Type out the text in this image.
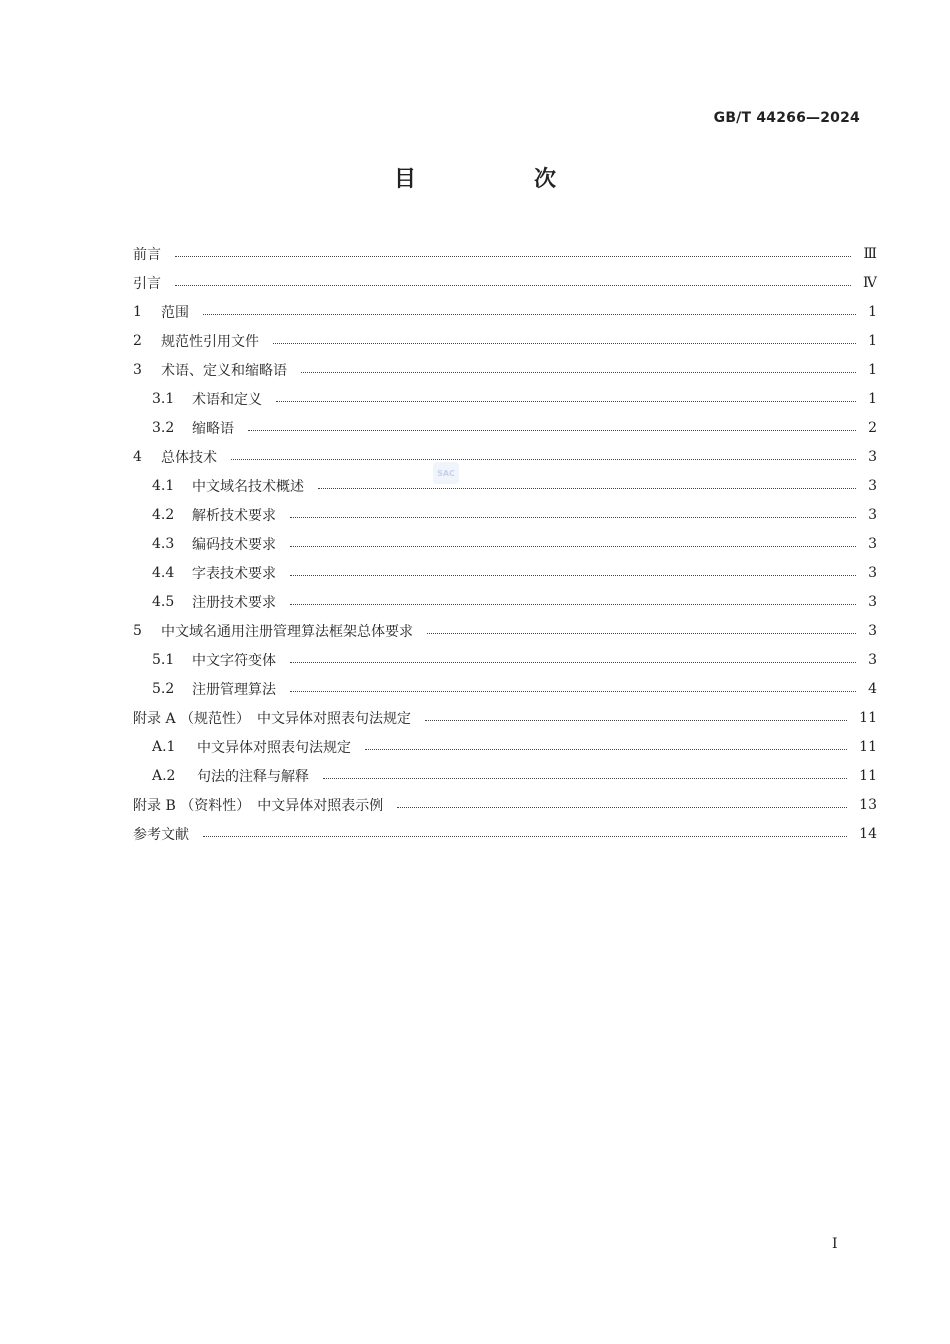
GB/T 44266—2024
目　次
SAC
前言	Ⅲ
引言	Ⅳ
1	范围	1
2	规范性引用文件	1
3	术语、定义和缩略语	1
3.1	术语和定义	1
3.2	缩略语	2
4	总体技术	3
4.1	中文域名技术概述	3
4.2	解析技术要求	3
4.3	编码技术要求	3
4.4	字表技术要求	3
4.5	注册技术要求	3
5	中文域名通用注册管理算法框架总体要求	3
5.1	中文字符变体	3
5.2	注册管理算法	4
附录 A （规范性）　中文异体对照表句法规定	11
A.1	中文异体对照表句法规定	11
A.2	句法的注释与解释	11
附录 B （资料性）　中文异体对照表示例	13
参考文献	14
Ⅰ
